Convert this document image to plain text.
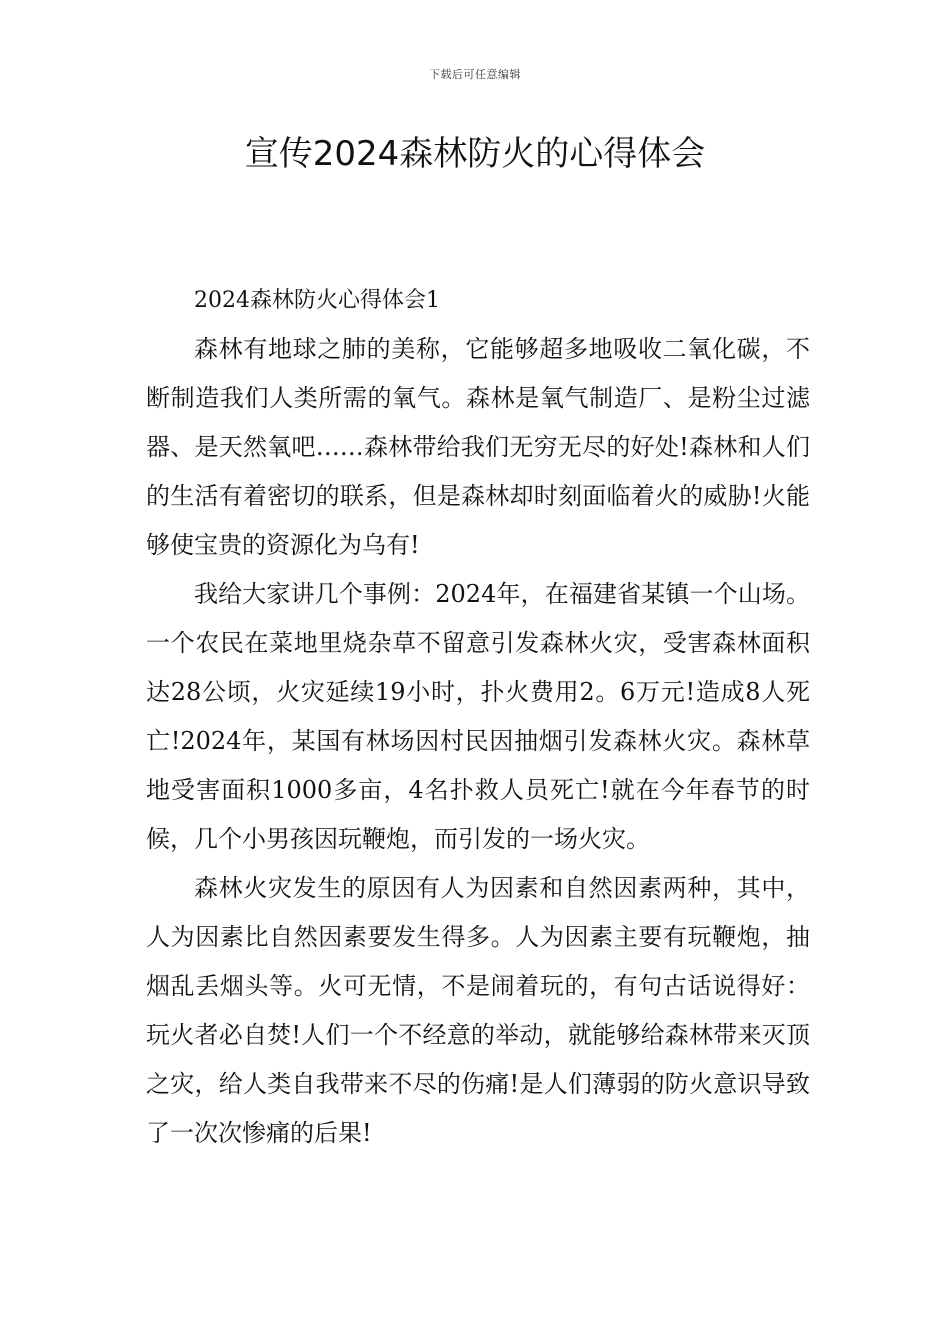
下载后可任意编辑
宣传2024森林防火的心得体会
2024森林防火心得体会1

森林有地球之肺的美称，它能够超多地吸收二氧化碳，不断制造我们人类所需的氧气。森林是氧气制造厂、是粉尘过滤器、是天然氧吧……森林带给我们无穷无尽的好处!森林和人们的生活有着密切的联系，但是森林却时刻面临着火的威胁!火能够使宝贵的资源化为乌有!

我给大家讲几个事例：2024年，在福建省某镇一个山场。一个农民在菜地里烧杂草不留意引发森林火灾，受害森林面积达28公顷，火灾延续19小时，扑火费用2。6万元!造成8人死亡!2024年，某国有林场因村民因抽烟引发森林火灾。森林草地受害面积1000多亩，4名扑救人员死亡!就在今年春节的时候，几个小男孩因玩鞭炮，而引发的一场火灾。

森林火灾发生的原因有人为因素和自然因素两种，其中，人为因素比自然因素要发生得多。人为因素主要有玩鞭炮，抽烟乱丢烟头等。火可无情，不是闹着玩的，有句古话说得好：玩火者必自焚!人们一个不经意的举动，就能够给森林带来灭顶之灾，给人类自我带来不尽的伤痛!是人们薄弱的防火意识导致了一次次惨痛的后果!
